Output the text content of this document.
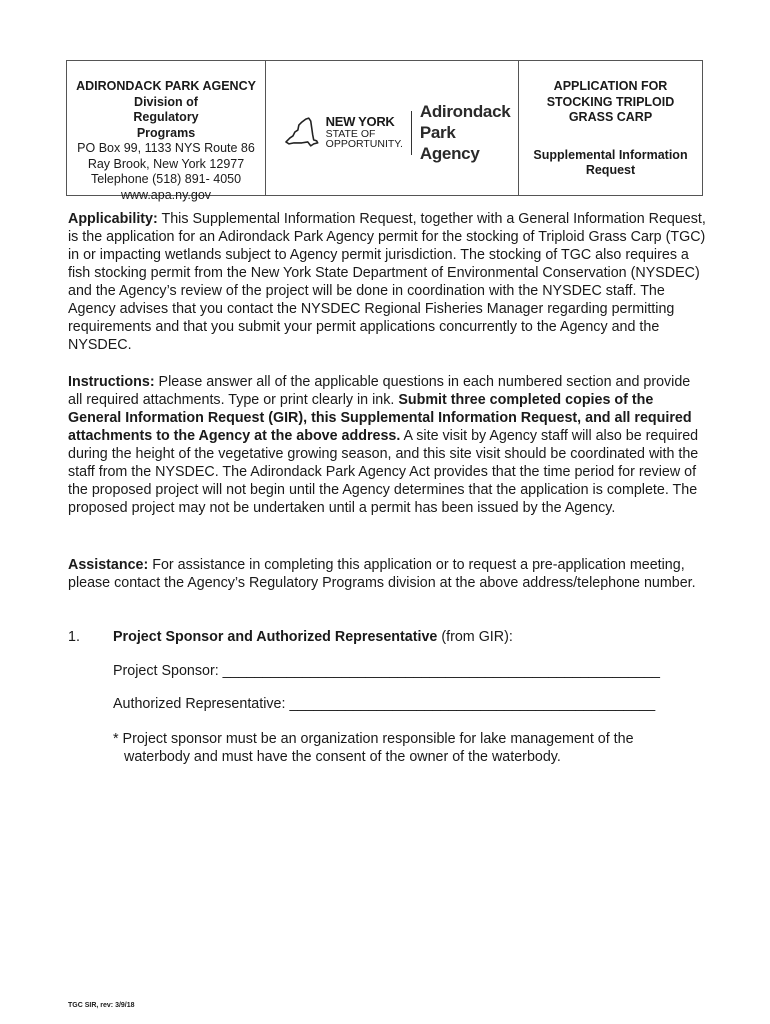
ADIRONDACK PARK AGENCY
Division of Regulatory Programs
PO Box 99, 1133 NYS Route 86
Ray Brook, New York 12977
Telephone (518) 891- 4050
www.apa.ny.gov
NEW YORK
STATE OF
OPPORTUNITY.
Adirondack
Park Agency
APPLICATION FOR STOCKING TRIPLOID GRASS CARP
Supplemental Information Request

Applicability: This Supplemental Information Request, together with a General Information Request, is the application for an Adirondack Park Agency permit for the stocking of Triploid Grass Carp (TGC) in or impacting wetlands subject to Agency permit jurisdiction. The stocking of TGC also requires a fish stocking permit from the New York State Department of Environmental Conservation (NYSDEC) and the Agency’s review of the project will be done in coordination with the NYSDEC staff. The Agency advises that you contact the NYSDEC Regional Fisheries Manager regarding permitting requirements and that you submit your permit applications concurrently to the Agency and the NYSDEC.

Instructions: Please answer all of the applicable questions in each numbered section and provide all required attachments. Type or print clearly in ink. Submit three completed copies of the General Information Request (GIR), this Supplemental Information Request, and all required attachments to the Agency at the above address. A site visit by Agency staff will also be required during the height of the vegetative growing season, and this site visit should be coordinated with the staff from the NYSDEC. The Adirondack Park Agency Act provides that the time period for review of the proposed project will not begin until the Agency determines that the application is complete. The proposed project may not be undertaken until a permit has been issued by the Agency.

Assistance: For assistance in completing this application or to request a pre-application meeting, please contact the Agency’s Regulatory Programs division at the above address/telephone number.

1. Project Sponsor and Authorized Representative (from GIR):
Project Sponsor: _______________________________________________________
Authorized Representative: ______________________________________________
* Project sponsor must be an organization responsible for lake management of the
waterbody and must have the consent of the owner of the waterbody.
TGC SIR, rev: 3/9/18
